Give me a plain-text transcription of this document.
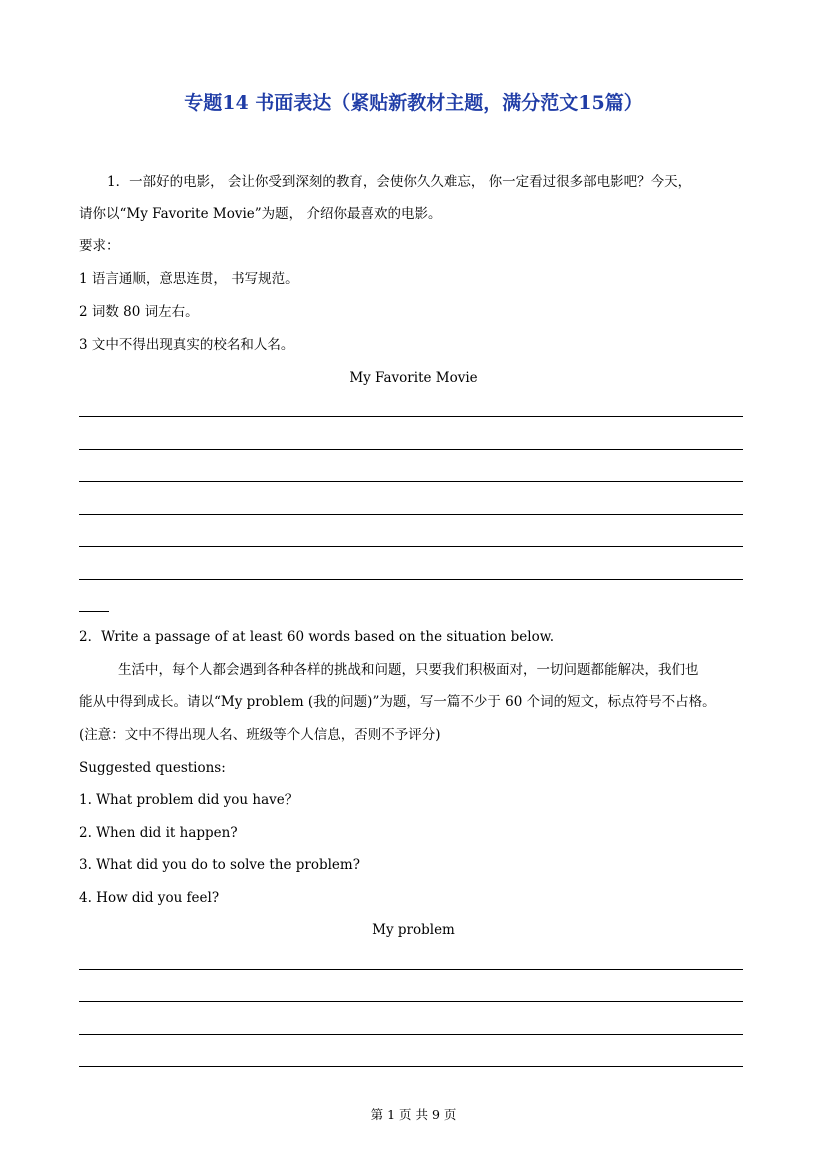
专题14 书面表达（紧贴新教材主题，满分范文15篇）
1．一部好的电影， 会让你受到深刻的教育，会使你久久难忘， 你一定看过很多部电影吧？今天，
请你以“My Favorite Movie”为题， 介绍你最喜欢的电影。
要求：
1 语言通顺，意思连贯， 书写规范。
2 词数 80 词左右。
3 文中不得出现真实的校名和人名。
My Favorite Movie
2．Write a passage of at least 60 words based on the situation below.
生活中，每个人都会遇到各种各样的挑战和问题，只要我们积极面对，一切问题都能解决，我们也
能从中得到成长。请以“My problem (我的问题)”为题，写一篇不少于 60 个词的短文，标点符号不占格。
(注意：文中不得出现人名、班级等个人信息，否则不予评分)
Suggested questions:
1. What problem did you have？
2. When did it happen?
3. What did you do to solve the problem?
4. How did you feel?
My problem
第 1 页 共 9 页
